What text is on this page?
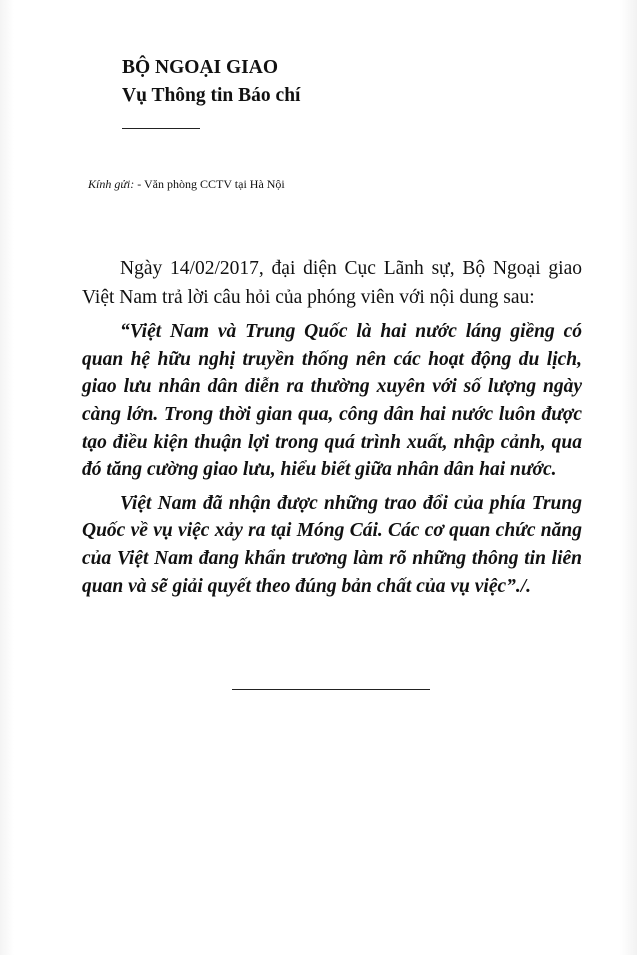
BỘ NGOẠI GIAO
Vụ Thông tin Báo chí
Kính gửi: - Văn phòng CCTV tại Hà Nội

Ngày 14/02/2017, đại diện Cục Lãnh sự, Bộ Ngoại giao Việt Nam trả lời câu hỏi của phóng viên với nội dung sau:

“Việt Nam và Trung Quốc là hai nước láng giềng có quan hệ hữu nghị truyền thống nên các hoạt động du lịch, giao lưu nhân dân diễn ra thường xuyên với số lượng ngày càng lớn. Trong thời gian qua, công dân hai nước luôn được tạo điều kiện thuận lợi trong quá trình xuất, nhập cảnh, qua đó tăng cường giao lưu, hiểu biết giữa nhân dân hai nước.

Việt Nam đã nhận được những trao đổi của phía Trung Quốc về vụ việc xảy ra tại Móng Cái. Các cơ quan chức năng của Việt Nam đang khẩn trương làm rõ những thông tin liên quan và sẽ giải quyết theo đúng bản chất của vụ việc”./.
